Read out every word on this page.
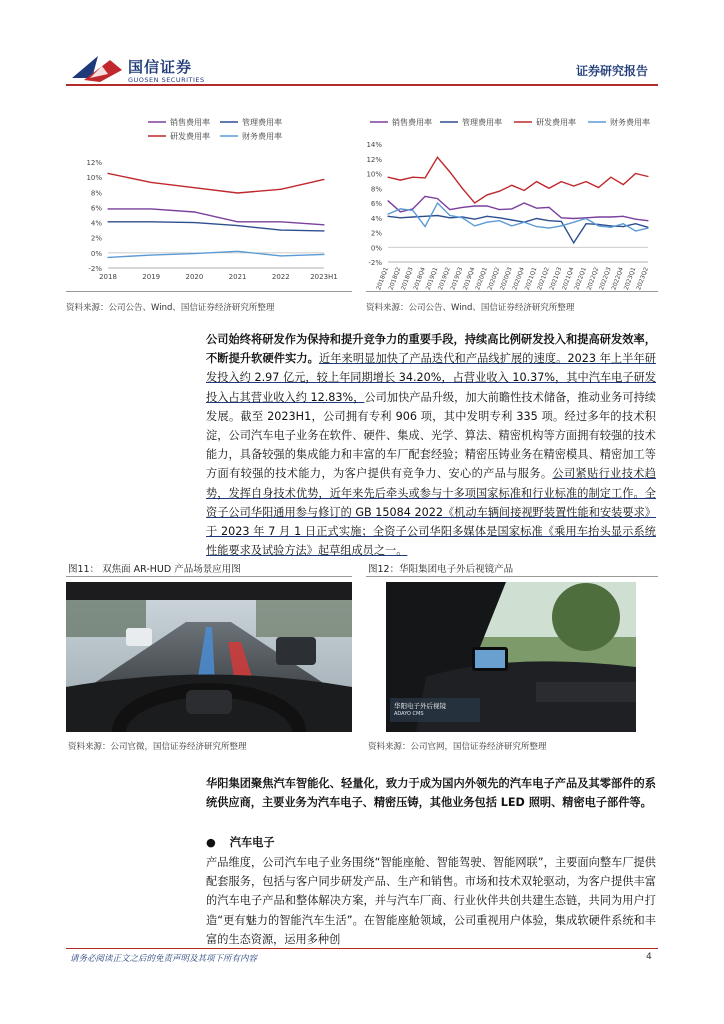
国信证券
GUOSEN SECURITIES
证券研究报告
销售费用率	管理费用率
研发费用率	财务费用率
-2%
0%
2%
4%
6%
8%
10%
12%
2018	2019	2020	2021	2022	2023H1
资料来源：公司公告、Wind、国信证券经济研究所整理
销售费用率	管理费用率	研发费用率	财务费用率
-2%
0%
2%
4%
6%
8%
10%
12%
14%
2018Q1
2018Q2
2018Q3
2018Q4
2019Q1
2019Q2
2019Q3
2019Q4
2020Q1
2020Q2
2020Q3
2020Q4
2021Q1
2021Q2
2021Q3
2021Q4
2022Q1
2022Q2
2022Q3
2022Q4
2023Q1
2023Q2
资料来源：公司公告、Wind、国信证券经济研究所整理
公司始终将研发作为保持和提升竞争力的重要手段，持续高比例研发投入和提高研发效率，不断提升软硬件实力。近年来明显加快了产品迭代和产品线扩展的速度。2023 年上半年研发投入约 2.97 亿元，较上年同期增长 34.20%，占营业收入 10.37%，其中汽车电子研发投入占其营业收入约 12.83%，公司加快产品升级，加大前瞻性技术储备，推动业务可持续发展。截至 2023H1，公司拥有专利 906 项，其中发明专利 335 项。经过多年的技术积淀，公司汽车电子业务在软件、硬件、集成、光学、算法、精密机构等方面拥有较强的技术能力，具备较强的集成能力和丰富的车厂配套经验；精密压铸业务在精密模具、精密加工等方面有较强的技术能力，为客户提供有竞争力、安心的产品与服务。公司紧贴行业技术趋势，发挥自身技术优势，近年来先后牵头或参与十多项国家标准和行业标准的制定工作。全资子公司华阳通用参与修订的 GB 15084 2022《机动车辆间接视野装置性能和安装要求》于 2023 年 7 月 1 日正式实施；全资子公司华阳多媒体是国家标准《乘用车抬头显示系统性能要求及试验方法》起草组成员之一。
图11： 双焦面 AR-HUD 产品场景应用图
资料来源：公司官微，国信证券经济研究所整理
图12：华阳集团电子外后视镜产品
华阳电子外后视镜
ADAYO CMS
资料来源：公司官网，国信证券经济研究所整理
华阳集团聚焦汽车智能化、轻量化，致力于成为国内外领先的汽车电子产品及其零部件的系统供应商，主要业务为汽车电子、精密压铸，其他业务包括 LED 照明、精密电子部件等。
● 汽车电子
产品维度，公司汽车电子业务围绕“智能座舱、智能驾驶、智能网联”，主要面向整车厂提供配套服务，包括与客户同步研发产品、生产和销售。市场和技术双轮驱动，为客户提供丰富的汽车电子产品和整体解决方案，并与汽车厂商、行业伙伴共创共建生态链，共同为用户打造“更有魅力的智能汽车生活”。在智能座舱领域，公司重视用户体验，集成软硬件系统和丰富的生态资源，运用多种创
请务必阅读正文之后的免责声明及其项下所有内容	4
